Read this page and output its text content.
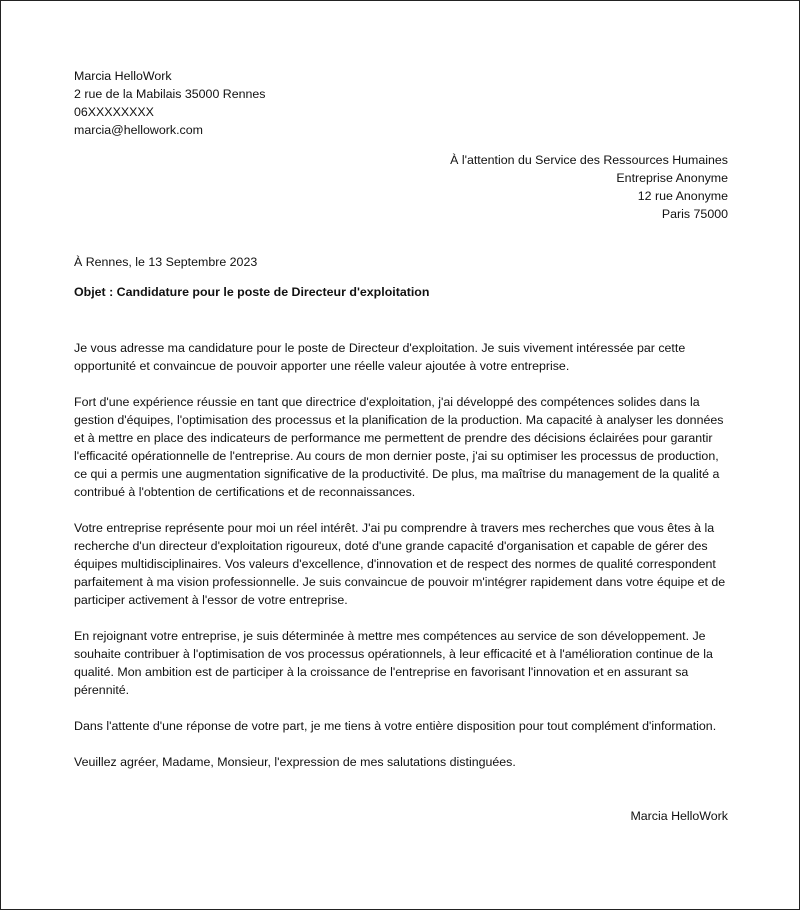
Marcia HelloWork
2 rue de la Mabilais 35000 Rennes
06XXXXXXXX
marcia@hellowork.com
À l'attention du Service des Ressources Humaines
Entreprise Anonyme
12 rue Anonyme
Paris 75000
À Rennes, le 13 Septembre 2023
Objet : Candidature pour le poste de Directeur d'exploitation

Je vous adresse ma candidature pour le poste de Directeur d'exploitation. Je suis vivement intéressée par cette opportunité et convaincue de pouvoir apporter une réelle valeur ajoutée à votre entreprise.

Fort d'une expérience réussie en tant que directrice d'exploitation, j'ai développé des compétences solides dans la gestion d'équipes, l'optimisation des processus et la planification de la production. Ma capacité à analyser les données et à mettre en place des indicateurs de performance me permettent de prendre des décisions éclairées pour garantir l'efficacité opérationnelle de l'entreprise. Au cours de mon dernier poste, j'ai su optimiser les processus de production, ce qui a permis une augmentation significative de la productivité. De plus, ma maîtrise du management de la qualité a contribué à l'obtention de certifications et de reconnaissances.

Votre entreprise représente pour moi un réel intérêt. J'ai pu comprendre à travers mes recherches que vous êtes à la recherche d'un directeur d'exploitation rigoureux, doté d'une grande capacité d'organisation et capable de gérer des équipes multidisciplinaires. Vos valeurs d'excellence, d'innovation et de respect des normes de qualité correspondent parfaitement à ma vision professionnelle. Je suis convaincue de pouvoir m'intégrer rapidement dans votre équipe et de participer activement à l'essor de votre entreprise.

En rejoignant votre entreprise, je suis déterminée à mettre mes compétences au service de son développement. Je souhaite contribuer à l'optimisation de vos processus opérationnels, à leur efficacité et à l'amélioration continue de la qualité. Mon ambition est de participer à la croissance de l'entreprise en favorisant l'innovation et en assurant sa pérennité.

Dans l'attente d'une réponse de votre part, je me tiens à votre entière disposition pour tout complément d'information.

Veuillez agréer, Madame, Monsieur, l'expression de mes salutations distinguées.

Marcia HelloWork
